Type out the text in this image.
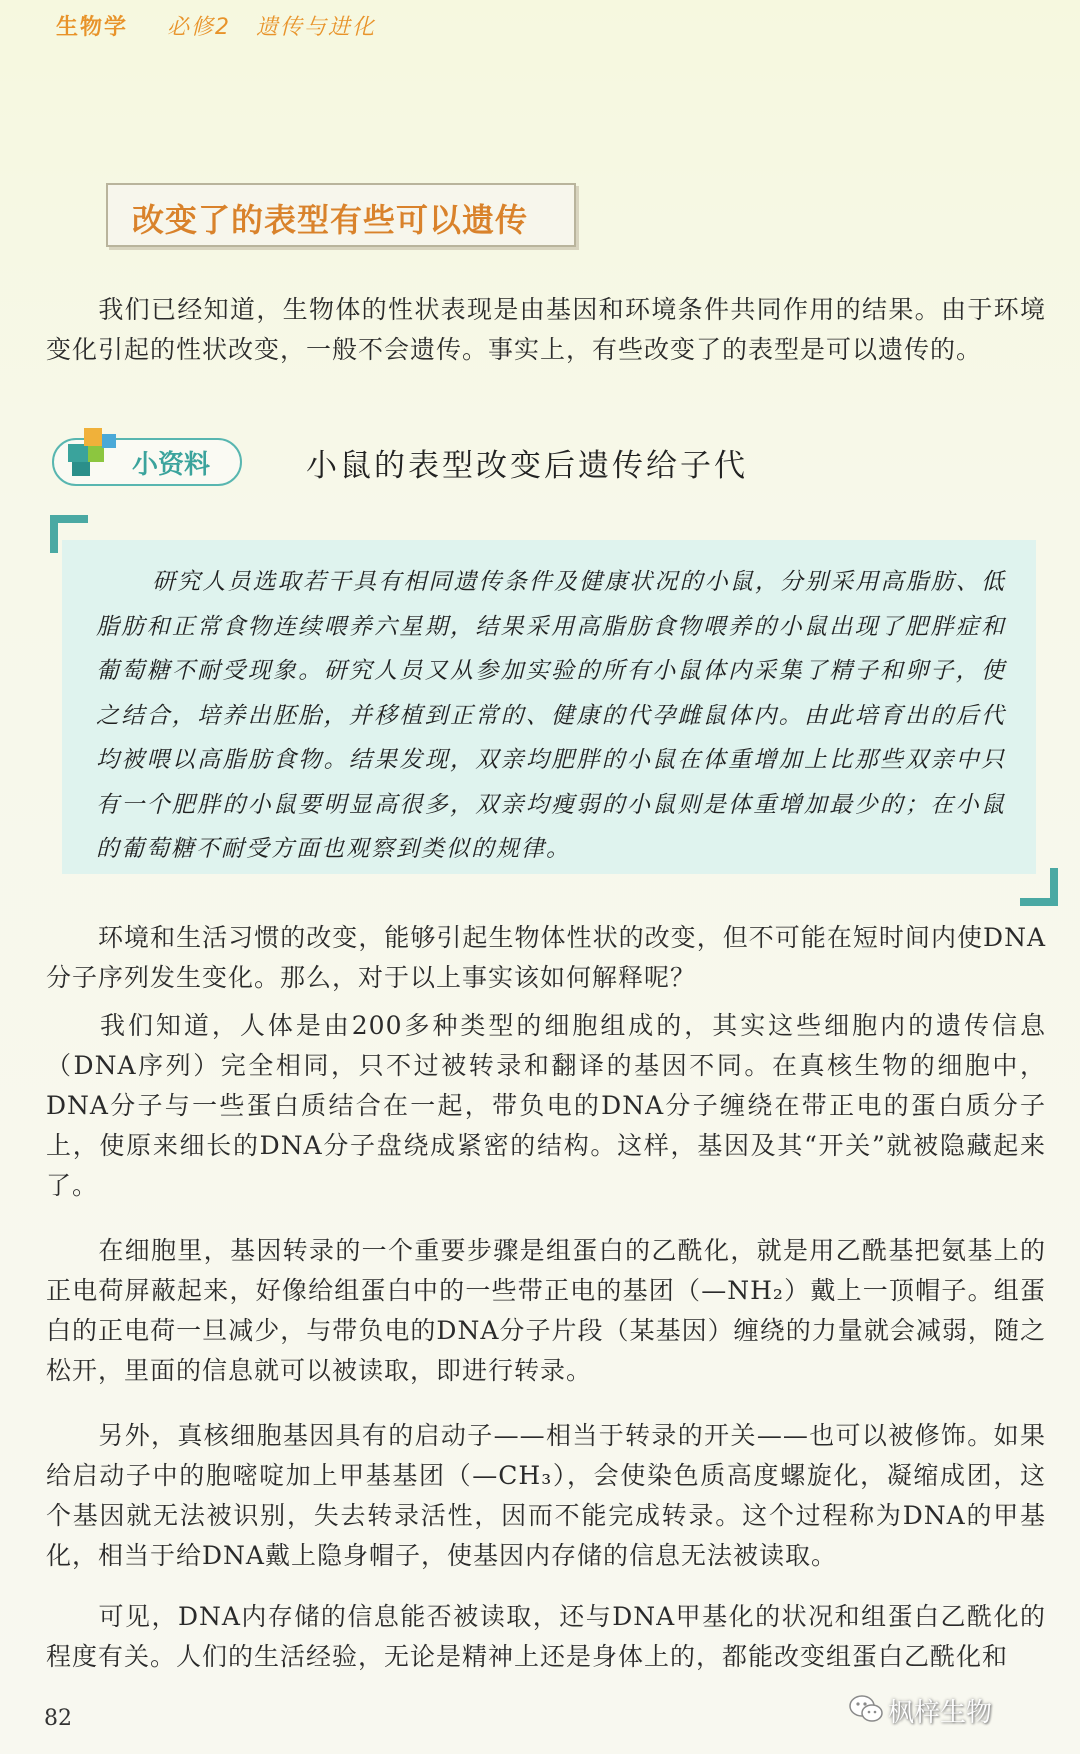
生物学 必修2 遗传与进化
改变了的表型有些可以遗传

我们已经知道，生物体的性状表现是由基因和环境条件共同作用的结果。由于环境变化引起的性状改变，一般不会遗传。事实上，有些改变了的表型是可以遗传的。

小资料	小鼠的表型改变后遗传给子代

研究人员选取若干具有相同遗传条件及健康状况的小鼠，分别采用高脂肪、低脂肪和正常食物连续喂养六星期，结果采用高脂肪食物喂养的小鼠出现了肥胖症和葡萄糖不耐受现象。研究人员又从参加实验的所有小鼠体内采集了精子和卵子，使之结合，培养出胚胎，并移植到正常的、健康的代孕雌鼠体内。由此培育出的后代均被喂以高脂肪食物。结果发现，双亲均肥胖的小鼠在体重增加上比那些双亲中只有一个肥胖的小鼠要明显高很多，双亲均瘦弱的小鼠则是体重增加最少的；在小鼠的葡萄糖不耐受方面也观察到类似的规律。

环境和生活习惯的改变，能够引起生物体性状的改变，但不可能在短时间内使DNA分子序列发生变化。那么，对于以上事实该如何解释呢？

我们知道，人体是由200多种类型的细胞组成的，其实这些细胞内的遗传信息（DNA序列）完全相同，只不过被转录和翻译的基因不同。在真核生物的细胞中，DNA分子与一些蛋白质结合在一起，带负电的DNA分子缠绕在带正电的蛋白质分子上，使原来细长的DNA分子盘绕成紧密的结构。这样，基因及其“开关”就被隐藏起来了。

在细胞里，基因转录的一个重要步骤是组蛋白的乙酰化，就是用乙酰基把氨基上的正电荷屏蔽起来，好像给组蛋白中的一些带正电的基团（—NH₂）戴上一顶帽子。组蛋白的正电荷一旦减少，与带负电的DNA分子片段（某基因）缠绕的力量就会减弱，随之松开，里面的信息就可以被读取，即进行转录。

另外，真核细胞基因具有的启动子——相当于转录的开关——也可以被修饰。如果给启动子中的胞嘧啶加上甲基基团（—CH₃），会使染色质高度螺旋化，凝缩成团，这个基因就无法被识别，失去转录活性，因而不能完成转录。这个过程称为DNA的甲基化，相当于给DNA戴上隐身帽子，使基因内存储的信息无法被读取。

可见，DNA内存储的信息能否被读取，还与DNA甲基化的状况和组蛋白乙酰化的程度有关。人们的生活经验，无论是精神上还是身体上的，都能改变组蛋白乙酰化和

82	枫梓生物
